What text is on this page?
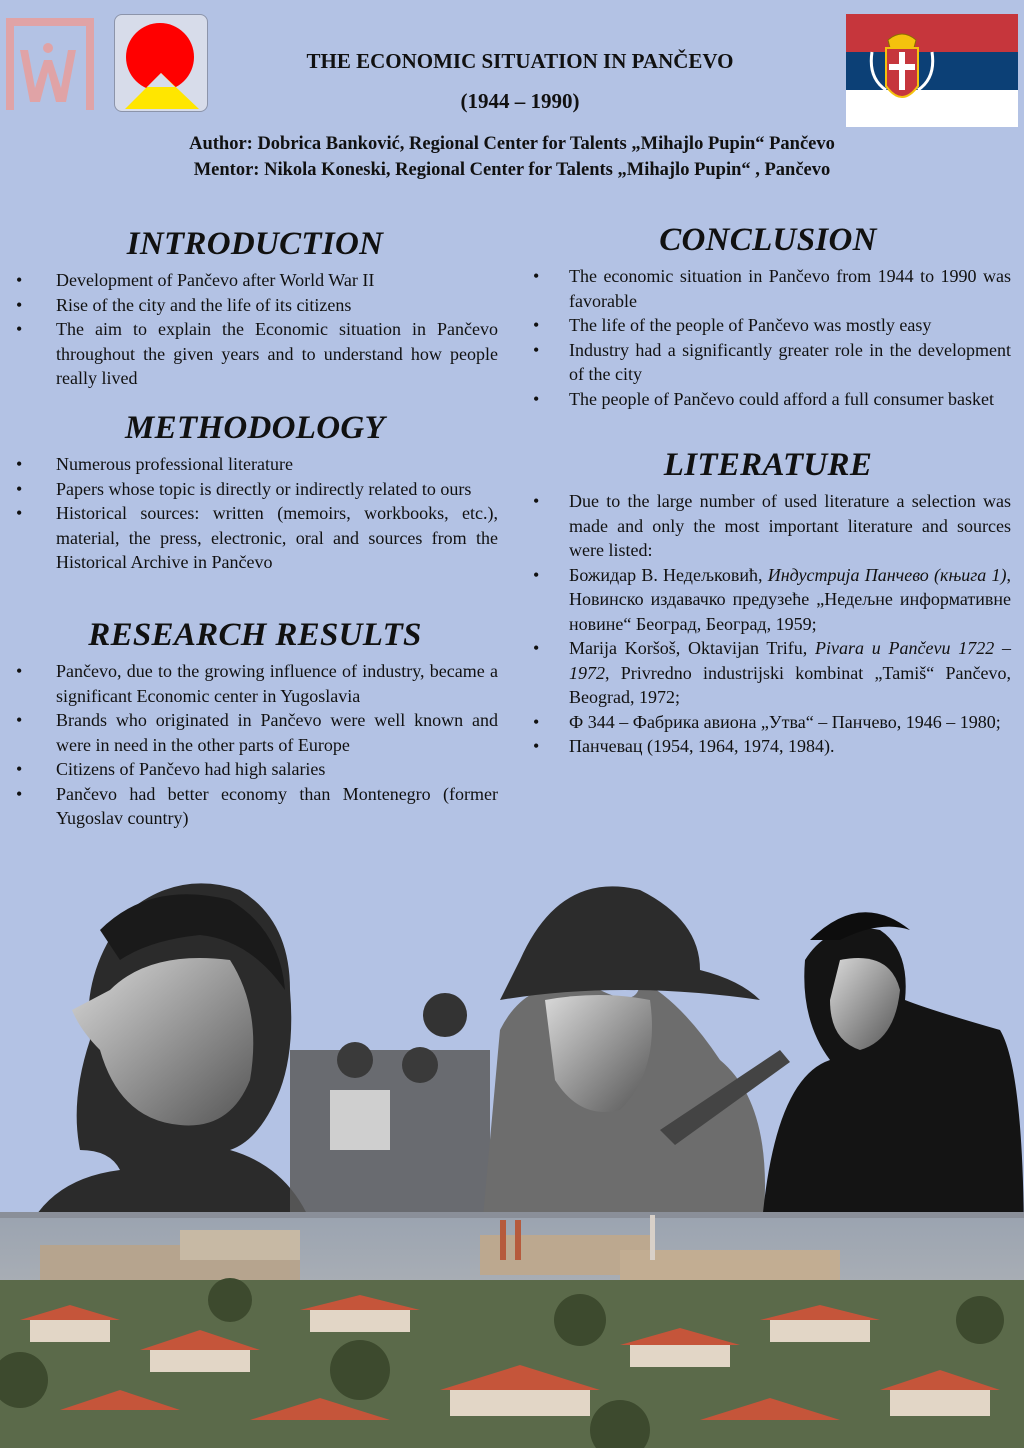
THE ECONOMIC SITUATION IN PANČEVO
(1944 – 1990)
Author: Dobrica Banković, Regional Center for Talents „Mihajlo Pupin“ Pančevo
Mentor: Nikola Koneski, Regional Center for Talents „Mihajlo Pupin“ , Pančevo
INTRODUCTION
• Development of Pančevo after World War II
• Rise of the city and the life of its citizens
• The aim to explain the Economic situation in Pančevo throughout the given years and to understand how people really lived
METHODOLOGY
• Numerous professional literature
• Papers whose topic is directly or indirectly related to ours
• Historical sources: written (memoirs, workbooks, etc.), material, the press, electronic, oral and sources from the Historical Archive in Pančevo
RESEARCH RESULTS
• Pančevo, due to the growing influence of industry, became a significant Economic center in Yugoslavia
• Brands who originated in Pančevo were well known and were in need in the other parts of Europe
• Citizens of Pančevo had high salaries
• Pančevo had better economy than Montenegro (former Yugoslav country)
CONCLUSION
• The economic situation in Pančevo from 1944 to 1990 was favorable
• The life of the people of Pančevo was mostly easy
• Industry had a significantly greater role in the development of the city
• The people of Pančevo could afford a full consumer basket
LITERATURE
• Due to the large number of used literature a selection was made and only the most important literature and sources were listed:
• Божидар В. Недељковић, Индустрија Панчево (књига 1), Новинско издавачко предузеће „Недељне информативне новине“ Београд, Београд, 1959;
• Marija Koršoš, Oktavijan Trifu, Pivara u Pančevu 1722 –1972, Privredno industrijski kombinat „Tamiš“ Pančevo, Beograd, 1972;
• Ф 344 – Фабрика авиона „Утва“ – Панчево, 1946 – 1980;
• Панчевац (1954, 1964, 1974, 1984).
